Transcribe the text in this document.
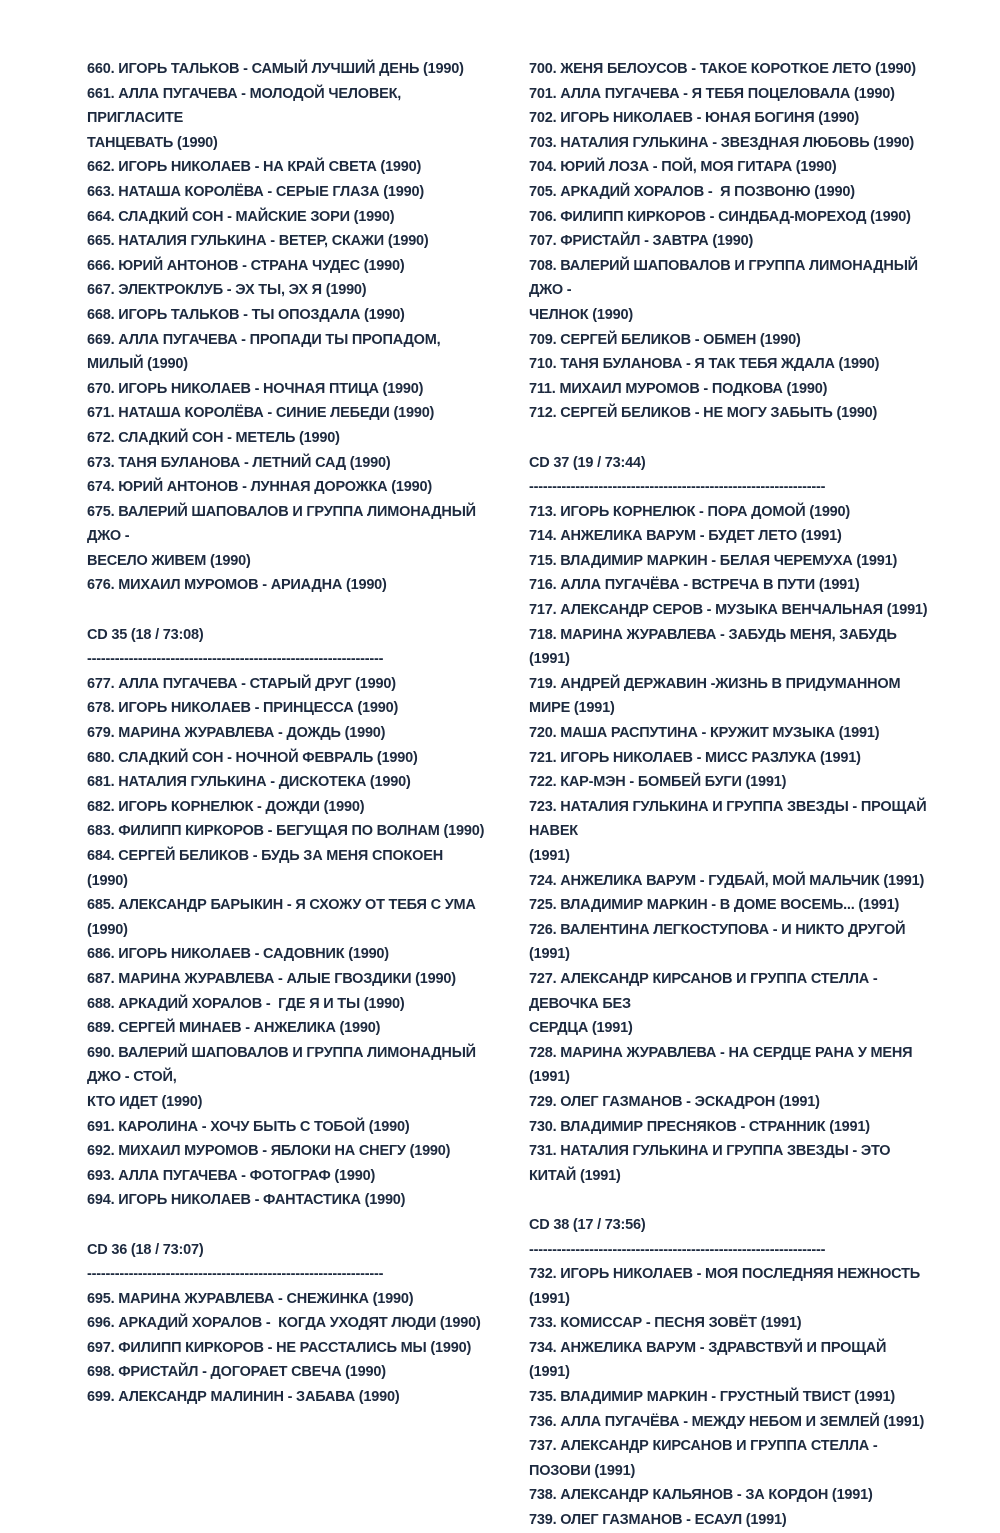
660. ИГОРЬ ТАЛЬКОВ - САМЫЙ ЛУЧШИЙ ДЕНЬ (1990)
661. АЛЛА ПУГАЧЕВА - МОЛОДОЙ ЧЕЛОВЕК, ПРИГЛАСИТЕ
ТАНЦЕВАТЬ (1990)
662. ИГОРЬ НИКОЛАЕВ - НА КРАЙ СВЕТА (1990)
663. НАТАША КОРОЛЁВА - СЕРЫЕ ГЛАЗА (1990)
664. СЛАДКИЙ СОН - МАЙСКИЕ ЗОРИ (1990)
665. НАТАЛИЯ ГУЛЬКИНА - ВЕТЕР, СКАЖИ (1990)
666. ЮРИЙ АНТОНОВ - СТРАНА ЧУДЕС (1990)
667. ЭЛЕКТРОКЛУБ - ЭХ ТЫ, ЭХ Я (1990)
668. ИГОРЬ ТАЛЬКОВ - ТЫ ОПОЗДАЛА (1990)
669. АЛЛА ПУГАЧЕВА - ПРОПАДИ ТЫ ПРОПАДОМ, МИЛЫЙ (1990)
670. ИГОРЬ НИКОЛАЕВ - НОЧНАЯ ПТИЦА (1990)
671. НАТАША КОРОЛЁВА - СИНИЕ ЛЕБЕДИ (1990)
672. СЛАДКИЙ СОН - МЕТЕЛЬ (1990)
673. ТАНЯ БУЛАНОВА - ЛЕТНИЙ САД (1990)
674. ЮРИЙ АНТОНОВ - ЛУННАЯ ДОРОЖКА (1990)
675. ВАЛЕРИЙ ШАПОВАЛОВ И ГРУППА ЛИМОНАДНЫЙ ДЖО -
ВЕСЕЛО ЖИВЕМ (1990)
676. МИХАИЛ МУРОМОВ - АРИАДНА (1990)
CD 35 (18 / 73:08)
----------------------------------------------------------------
677. АЛЛА ПУГАЧЕВА - СТАРЫЙ ДРУГ (1990)
678. ИГОРЬ НИКОЛАЕВ - ПРИНЦЕССА (1990)
679. МАРИНА ЖУРАВЛЕВА - ДОЖДЬ (1990)
680. СЛАДКИЙ СОН - НОЧНОЙ ФЕВРАЛЬ (1990)
681. НАТАЛИЯ ГУЛЬКИНА - ДИСКОТЕКА (1990)
682. ИГОРЬ КОРНЕЛЮК - ДОЖДИ (1990)
683. ФИЛИПП КИРКОРОВ - БЕГУЩАЯ ПО ВОЛНАМ (1990)
684. СЕРГЕЙ БЕЛИКОВ - БУДЬ ЗА МЕНЯ СПОКОЕН (1990)
685. АЛЕКСАНДР БАРЫКИН - Я СХОЖУ ОТ ТЕБЯ С УМА (1990)
686. ИГОРЬ НИКОЛАЕВ - САДОВНИК (1990)
687. МАРИНА ЖУРАВЛЕВА - АЛЫЕ ГВОЗДИКИ (1990)
688. АРКАДИЙ ХОРАЛОВ -  ГДЕ Я И ТЫ (1990)
689. СЕРГЕЙ МИНАЕВ - АНЖЕЛИКА (1990)
690. ВАЛЕРИЙ ШАПОВАЛОВ И ГРУППА ЛИМОНАДНЫЙ ДЖО - СТОЙ,
КТО ИДЕТ (1990)
691. КАРОЛИНА - ХОЧУ БЫТЬ С ТОБОЙ (1990)
692. МИХАИЛ МУРОМОВ - ЯБЛОКИ НА СНЕГУ (1990)
693. АЛЛА ПУГАЧЕВА - ФОТОГРАФ (1990)
694. ИГОРЬ НИКОЛАЕВ - ФАНТАСТИКА (1990)
CD 36 (18 / 73:07)
----------------------------------------------------------------
695. МАРИНА ЖУРАВЛЕВА - СНЕЖИНКА (1990)
696. АРКАДИЙ ХОРАЛОВ -  КОГДА УХОДЯТ ЛЮДИ (1990)
697. ФИЛИПП КИРКОРОВ - НЕ РАССТАЛИСЬ МЫ (1990)
698. ФРИСТАЙЛ - ДОГОРАЕТ СВЕЧА (1990)
699. АЛЕКСАНДР МАЛИНИН - ЗАБАВА (1990)
700. ЖЕНЯ БЕЛОУСОВ - ТАКОЕ КОРОТКОЕ ЛЕТО (1990)
701. АЛЛА ПУГАЧЕВА - Я ТЕБЯ ПОЦЕЛОВАЛА (1990)
702. ИГОРЬ НИКОЛАЕВ - ЮНАЯ БОГИНЯ (1990)
703. НАТАЛИЯ ГУЛЬКИНА - ЗВЕЗДНАЯ ЛЮБОВЬ (1990)
704. ЮРИЙ ЛОЗА - ПОЙ, МОЯ ГИТАРА (1990)
705. АРКАДИЙ ХОРАЛОВ -  Я ПОЗВОНЮ (1990)
706. ФИЛИПП КИРКОРОВ - СИНДБАД-МОРЕХОД (1990)
707. ФРИСТАЙЛ - ЗАВТРА (1990)
708. ВАЛЕРИЙ ШАПОВАЛОВ И ГРУППА ЛИМОНАДНЫЙ ДЖО -
ЧЕЛНОК (1990)
709. СЕРГЕЙ БЕЛИКОВ - ОБМЕН (1990)
710. ТАНЯ БУЛАНОВА - Я ТАК ТЕБЯ ЖДАЛА (1990)
711. МИХАИЛ МУРОМОВ - ПОДКОВА (1990)
712. СЕРГЕЙ БЕЛИКОВ - НЕ МОГУ ЗАБЫТЬ (1990)
CD 37 (19 / 73:44)
----------------------------------------------------------------
713. ИГОРЬ КОРНЕЛЮК - ПОРА ДОМОЙ (1990)
714. АНЖЕЛИКА ВАРУМ - БУДЕТ ЛЕТО (1991)
715. ВЛАДИМИР МАРКИН - БЕЛАЯ ЧЕРЕМУХА (1991)
716. АЛЛА ПУГАЧЁВА - ВСТРЕЧА В ПУТИ (1991)
717. АЛЕКСАНДР СЕРОВ - МУЗЫКА ВЕНЧАЛЬНАЯ (1991)
718. МАРИНА ЖУРАВЛЕВА - ЗАБУДЬ МЕНЯ, ЗАБУДЬ (1991)
719. АНДРЕЙ ДЕРЖАВИН -ЖИЗНЬ В ПРИДУМАННОМ МИРЕ (1991)
720. МАША РАСПУТИНА - КРУЖИТ МУЗЫКА (1991)
721. ИГОРЬ НИКОЛАЕВ - МИСС РАЗЛУКА (1991)
722. КАР-МЭН - БОМБЕЙ БУГИ (1991)
723. НАТАЛИЯ ГУЛЬКИНА И ГРУППА ЗВЕЗДЫ - ПРОЩАЙ НАВЕК
(1991)
724. АНЖЕЛИКА ВАРУМ - ГУДБАЙ, МОЙ МАЛЬЧИК (1991)
725. ВЛАДИМИР МАРКИН - В ДОМЕ ВОСЕМЬ... (1991)
726. ВАЛЕНТИНА ЛЕГКОСТУПОВА - И НИКТО ДРУГОЙ (1991)
727. АЛЕКСАНДР КИРСАНОВ И ГРУППА СТЕЛЛА - ДЕВОЧКА БЕЗ
СЕРДЦА (1991)
728. МАРИНА ЖУРАВЛЕВА - НА СЕРДЦЕ РАНА У МЕНЯ (1991)
729. ОЛЕГ ГАЗМАНОВ - ЭСКАДРОН (1991)
730. ВЛАДИМИР ПРЕСНЯКОВ - СТРАННИК (1991)
731. НАТАЛИЯ ГУЛЬКИНА И ГРУППА ЗВЕЗДЫ - ЭТО КИТАЙ (1991)
CD 38 (17 / 73:56)
----------------------------------------------------------------
732. ИГОРЬ НИКОЛАЕВ - МОЯ ПОСЛЕДНЯЯ НЕЖНОСТЬ (1991)
733. КОМИССАР - ПЕСНЯ ЗОВЁТ (1991)
734. АНЖЕЛИКА ВАРУМ - ЗДРАВСТВУЙ И ПРОЩАЙ (1991)
735. ВЛАДИМИР МАРКИН - ГРУСТНЫЙ ТВИСТ (1991)
736. АЛЛА ПУГАЧЁВА - МЕЖДУ НЕБОМ И ЗЕМЛЕЙ (1991)
737. АЛЕКСАНДР КИРСАНОВ И ГРУППА СТЕЛЛА - ПОЗОВИ (1991)
738. АЛЕКСАНДР КАЛЬЯНОВ - ЗА КОРДОН (1991)
739. ОЛЕГ ГАЗМАНОВ - ЕСАУЛ (1991)
